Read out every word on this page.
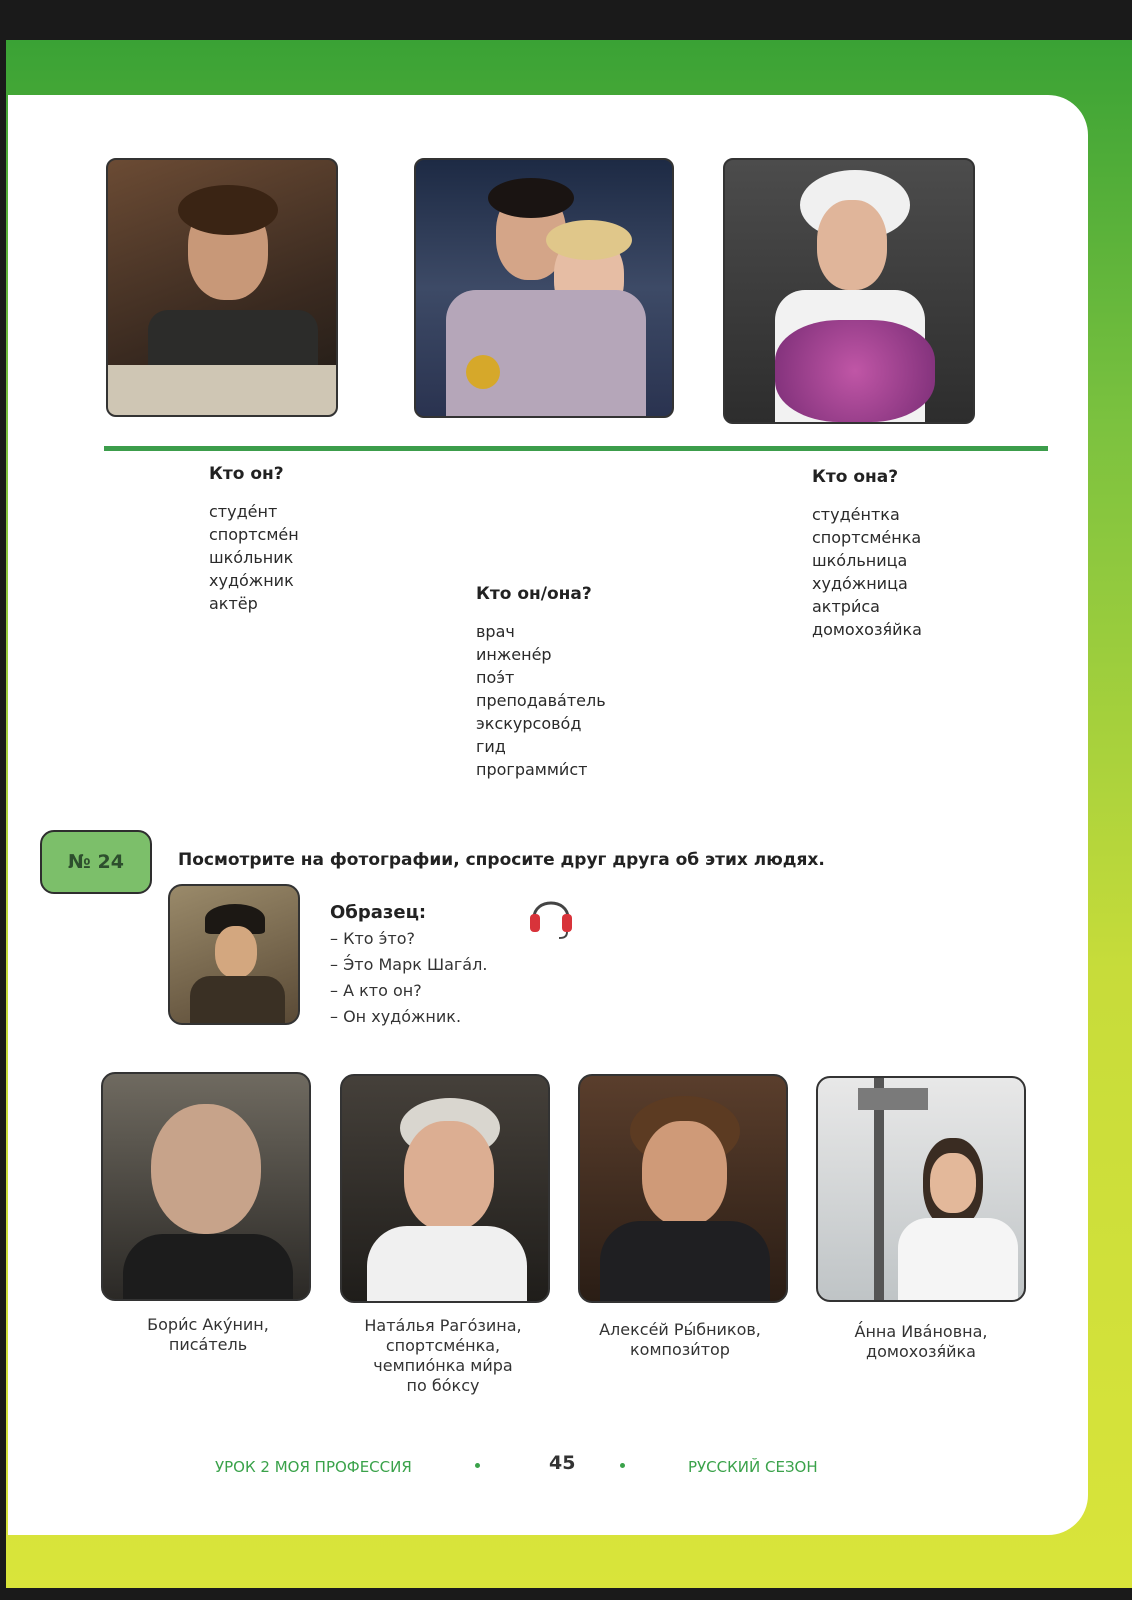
Кто он?
студéнт
спортсмéн
шкóльник
худóжник
актёр	Кто он/она?
врач
инженéр
поэ́т
преподавáтель
экскурсовóд
гид
программи́ст
Кто она?
студéнтка
спортсмéнка
шкóльница
худóжница
актри́са
домохозя́йка
№ 24	Посмотрите на фотографии, спросите друг друга об этих людях.
Образец:
– Кто э́то?
– Э́то Марк Шагáл.
– А кто он?
– Он худóжник.
Бори́с Акýнин,
писáтель
Натáлья Рагóзина,
спортсмéнка,
чемпиóнка ми́ра
по бóксу
Алексéй Ры́бников,
компози́тор
А́нна Ивáновна,
домохозя́йка
УРОК 2 МОЯ ПРОФЕССИЯ	45	РУССКИЙ СЕЗОН
